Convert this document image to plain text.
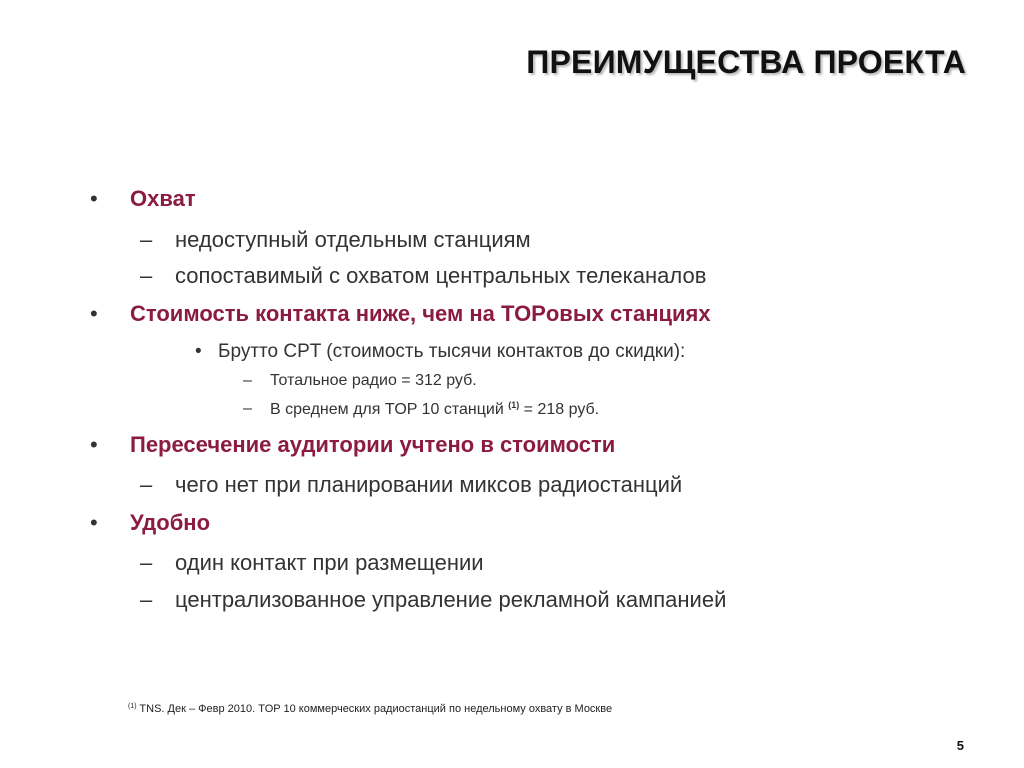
ПРЕИМУЩЕСТВА ПРОЕКТА
• Охват
– недоступный отдельным станциям
– сопоставимый с охватом центральных телеканалов
• Стоимость контакта ниже, чем на TOPовых станциях
• Брутто CPT (стоимость тысячи контактов до скидки):
– Тотальное радио = 312 руб.
– В среднем для TOP 10 станций $^{(1)}$ = 218 руб.
• Пересечение аудитории учтено в стоимости
– чего нет при планировании миксов радиостанций
• Удобно
– один контакт при размещении
– централизованное управление рекламной кампанией
$^{(1)}$ TNS. Дек – Февр 2010. TOP 10 коммерческих радиостанций по недельному охвату в Москве
5
